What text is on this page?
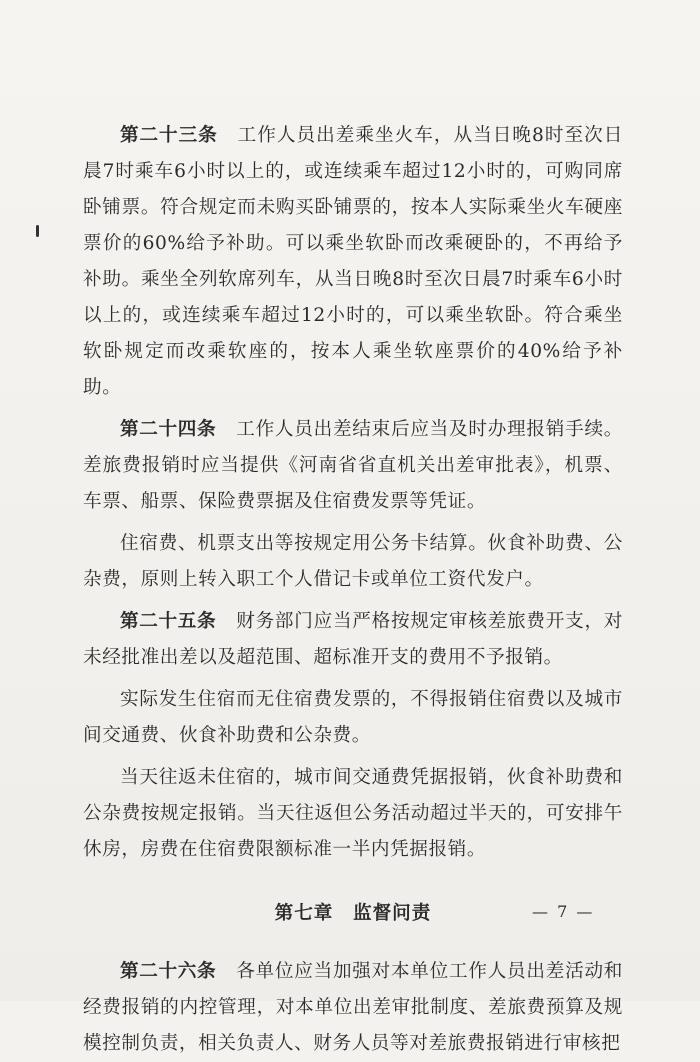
第二十三条 工作人员出差乘坐火车，从当日晚8时至次日晨7时乘车6小时以上的，或连续乘车超过12小时的，可购同席卧铺票。符合规定而未购买卧铺票的，按本人实际乘坐火车硬座票价的60%给予补助。可以乘坐软卧而改乘硬卧的，不再给予补助。乘坐全列软席列车，从当日晚8时至次日晨7时乘车6小时以上的，或连续乘车超过12小时的，可以乘坐软卧。符合乘坐软卧规定而改乘软座的，按本人乘坐软座票价的40%给予补助。

第二十四条 工作人员出差结束后应当及时办理报销手续。差旅费报销时应当提供《河南省省直机关出差审批表》，机票、车票、船票、保险费票据及住宿费发票等凭证。

住宿费、机票支出等按规定用公务卡结算。伙食补助费、公杂费，原则上转入职工个人借记卡或单位工资代发户。

第二十五条 财务部门应当严格按规定审核差旅费开支，对未经批准出差以及超范围、超标准开支的费用不予报销。

实际发生住宿而无住宿费发票的，不得报销住宿费以及城市间交通费、伙食补助费和公杂费。

当天往返未住宿的，城市间交通费凭据报销，伙食补助费和公杂费按规定报销。当天往返但公务活动超过半天的，可安排午休房，房费在住宿费限额标准一半内凭据报销。

第七章　监督问责

第二十六条 各单位应当加强对本单位工作人员出差活动和经费报销的内控管理，对本单位出差审批制度、差旅费预算及规模控制负责，相关负责人、财务人员等对差旅费报销进行审核把

— 7 —
